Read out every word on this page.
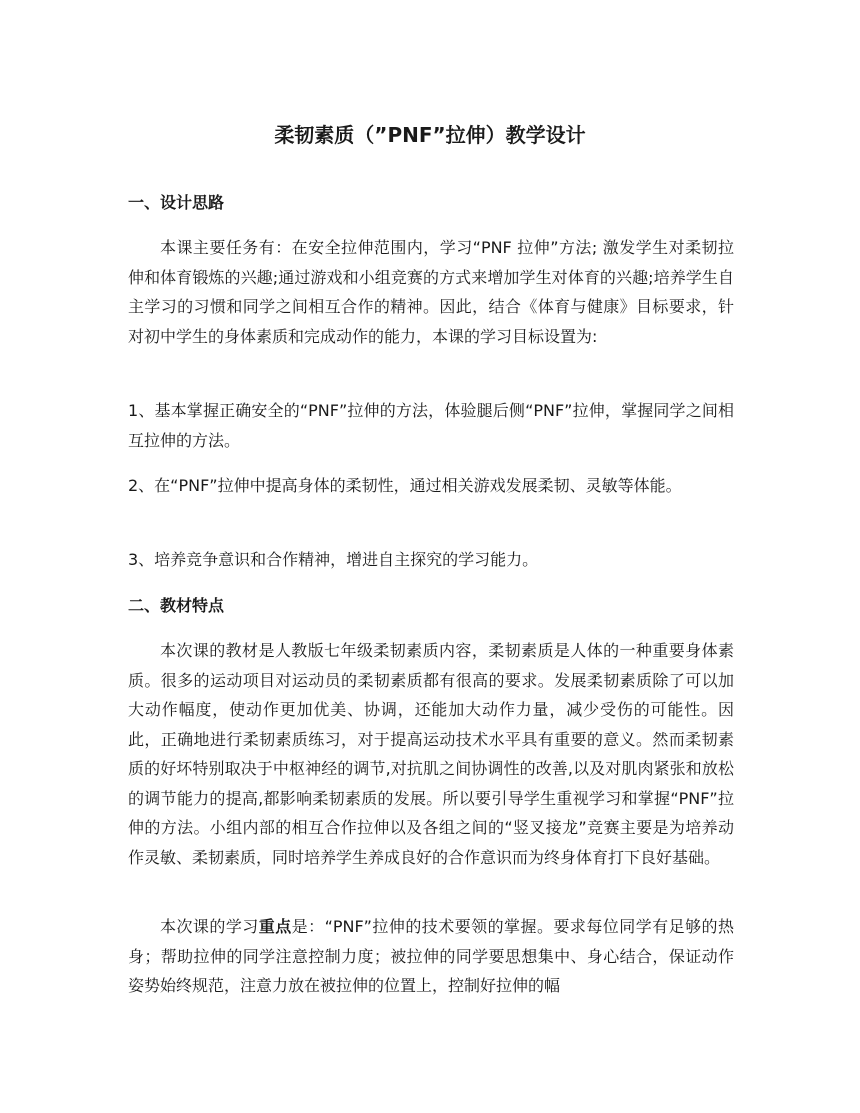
柔韧素质（”PNF”拉伸）教学设计
一、设计思路

本课主要任务有：在安全拉伸范围内，学习“PNF 拉伸”方法; 激发学生对柔韧拉伸和体育锻炼的兴趣;通过游戏和小组竞赛的方式来增加学生对体育的兴趣;培养学生自主学习的习惯和同学之间相互合作的精神。因此，结合《体育与健康》目标要求，针对初中学生的身体素质和完成动作的能力，本课的学习目标设置为:

1、基本掌握正确安全的“PNF”拉伸的方法，体验腿后侧“PNF”拉伸，掌握同学之间相互拉伸的方法。

2、在“PNF”拉伸中提高身体的柔韧性，通过相关游戏发展柔韧、灵敏等体能。

3、培养竞争意识和合作精神，增进自主探究的学习能力。

二、教材特点

本次课的教材是人教版七年级柔韧素质内容，柔韧素质是人体的一种重要身体素质。很多的运动项目对运动员的柔韧素质都有很高的要求。发展柔韧素质除了可以加大动作幅度，使动作更加优美、协调，还能加大动作力量，减少受伤的可能性。因此，正确地进行柔韧素质练习，对于提高运动技术水平具有重要的意义。然而柔韧素质的好坏特别取决于中枢神经的调节,对抗肌之间协调性的改善,以及对肌肉紧张和放松的调节能力的提高,都影响柔韧素质的发展。所以要引导学生重视学习和掌握“PNF”拉伸的方法。小组内部的相互合作拉伸以及各组之间的“竖叉接龙”竞赛主要是为培养动作灵敏、柔韧素质，同时培养学生养成良好的合作意识而为终身体育打下良好基础。

本次课的学习重点是：“PNF”拉伸的技术要领的掌握。要求每位同学有足够的热身；帮助拉伸的同学注意控制力度；被拉伸的同学要思想集中、身心结合，保证动作姿势始终规范，注意力放在被拉伸的位置上，控制好拉伸的幅
